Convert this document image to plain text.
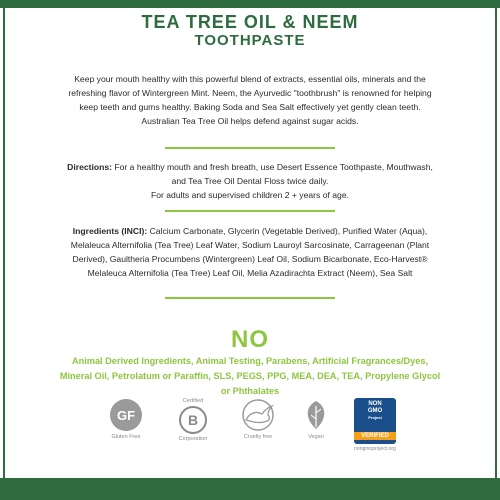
TEA TREE OIL & NEEM
TOOTHPASTE
Keep your mouth healthy with this powerful blend of extracts, essential oils, minerals and the refreshing flavor of Wintergreen Mint. Neem, the Ayurvedic "toothbrush" is renowned for helping keep teeth and gums healthy. Baking Soda and Sea Salt effectively yet gently clean teeth. Australian Tea Tree Oil helps defend against sugar acids.
Directions: For a healthy mouth and fresh breath, use Desert Essence Toothpaste, Mouthwash, and Tea Tree Oil Dental Floss twice daily.
For adults and supervised children 2 + years of age.
Ingredients (INCI): Calcium Carbonate, Glycerin (Vegetable Derived), Purified Water (Aqua), Melaleuca Alternifolia (Tea Tree) Leaf Water, Sodium Lauroyl Sarcosinate, Carrageenan (Plant Derived), Gaultheria Procumbens (Wintergreen) Leaf Oil, Sodium Bicarbonate, Eco-Harvest® Melaleuca Alternifolia (Tea Tree) Leaf Oil, Melia Azadirachta Extract (Neem), Sea Salt
NO
Animal Derived Ingredients, Animal Testing, Parabens, Artificial Fragrances/Dyes, Mineral Oil, Petrolatum or Paraffin, SLS, PEGS, PPG, MEA, DEA, TEA, Propylene Glycol or Phthalates
GF
Gluten Free
Certified
B
Corporation	Cruelty free	Vegan
NON
GMO
Project
VERIFIED
nongmoproject.org
